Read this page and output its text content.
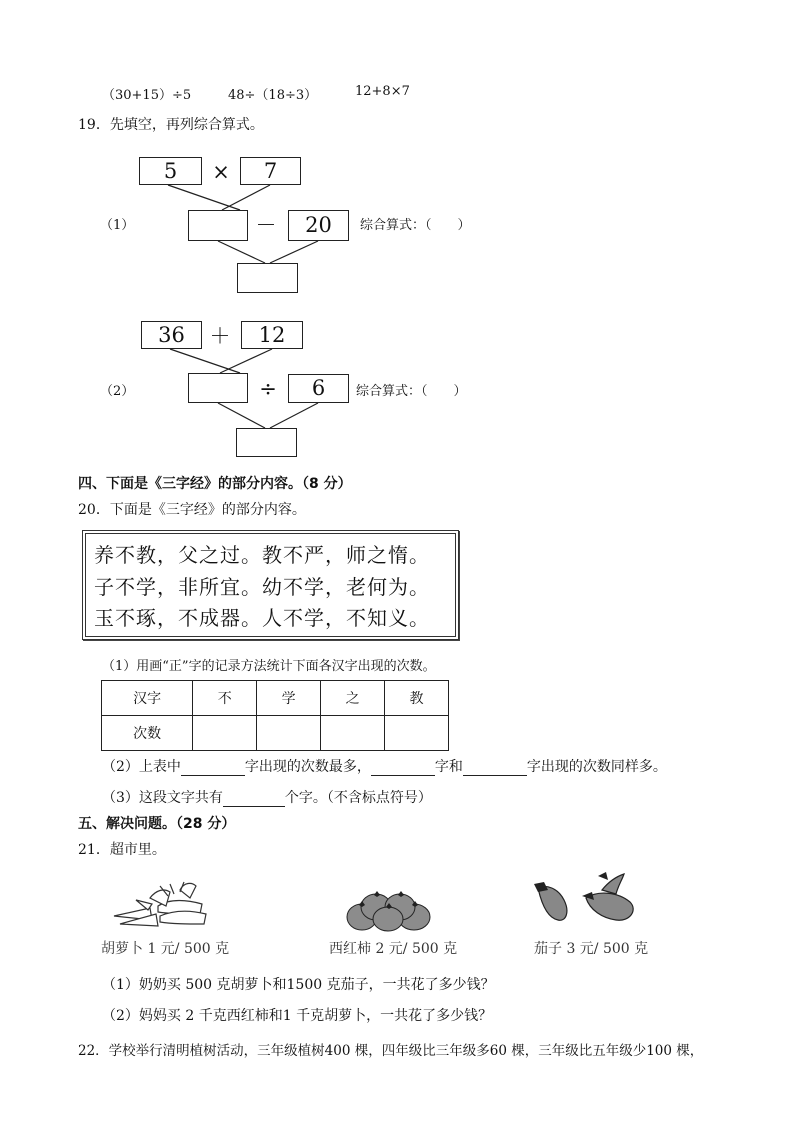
（30+15）÷5	48÷（18÷3）	12+8×7
19．先填空，再列综合算式。
5	×	7
（1）	－	20	综合算式：（　　）
36	＋	12
（2）	÷	6	综合算式：（　　）
四、下面是《三字经》的部分内容。（8 分）
20．下面是《三字经》的部分内容。
养不教，父之过。教不严，师之惰。
子不学，非所宜。幼不学，老何为。
玉不琢，不成器。人不学，不知义。
（1）用画“正”字的记录方法统计下面各汉字出现的次数。
汉字	不	学	之	教
次数				
（2）上表中	字出现的次数最多，	字和	字出现的次数同样多。
（3）这段文字共有	个字。（不含标点符号）
五、解决问题。（28 分）
21．超市里。
胡萝卜 1 元/ 500 克	西红柿 2 元/ 500 克	茄子 3 元/ 500 克
（1）奶奶买 500 克胡萝卜和1500 克茄子，一共花了多少钱？
（2）妈妈买 2 千克西红柿和1 千克胡萝卜，一共花了多少钱？
22．学校举行清明植树活动，三年级植树400 棵，四年级比三年级多60 棵，三年级比五年级少100 棵，
